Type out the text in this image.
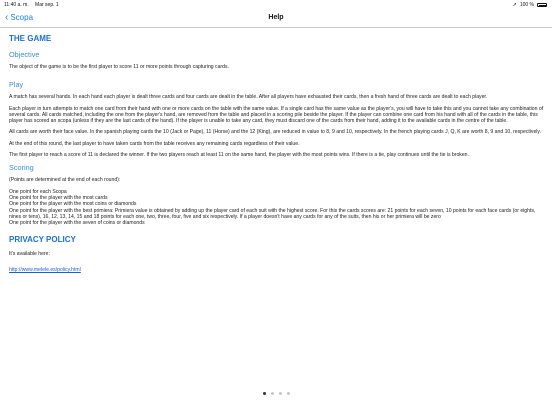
11:40 a. m. Mar sep. 1	➚ 100 %
‹ Scopa	Help
THE GAME
Objective

The object of the game is to be the first player to score 11 or more points through capturing cards.

Play

A match has several hands. In each hand each player is dealt three cards and four cards are dealt in the table. After all players have exhausted their cards, then a fresh hand of three cards are dealt to each player.

Each player in turn attempts to match one card from their hand with one or more cards on the table with the same value. If a single card has the same value as the player's, you will have to take this and you cannot take any combination of several cards. All cards matched, including the one from the player's hand, are removed from the table and placed in a scoring pile beside the player. If the player can combine one card from his hand with all of the cards in the table, this player has scored an scopa (unless if they are the last cards of the hand). If the player is unable to take any card, they must discard one of the cards from their hand, adding it to the available cards in the centre of the table.

All cards are worth their face value. In the spanish playing cards the 10 (Jack or Page), 11 (Horse) and the 12 (King), are reduced in value to 8, 9 and 10, respectively. In the french playing cards J, Q, K are worth 8, 9 and 10, respectively.

At the end of this round, the last player to have taken cards from the table receives any remaining cards regardless of their value.

The first player to reach a score of 11 is declared the winner. If the two players reach at least 11 on the same hand, the player with the most points wins. If there is a tie, play continues until the tie is broken.

Scoring

(Points are determined at the end of each round):

One point for each Scopa
One point for the player with the most cards
One point for the player with the most coins or diamonds
One point for the player with the best primiera: Primiera value is obtained by adding up the player card of each suit with the highest score. For this the cards scores are: 21 points for each seven, 10 points for each face cards (or eights, nines or tens), 16, 12, 13, 14, 15 and 18 points for each one, two, three, four, five and six respectively. If a player doesn't have any cards for any of the suits, then his or her primiera will be zero
One point for the player with the seven of coins or diamonds
PRIVACY POLICY
It's available here:
http://www.melele.es/policy.html
